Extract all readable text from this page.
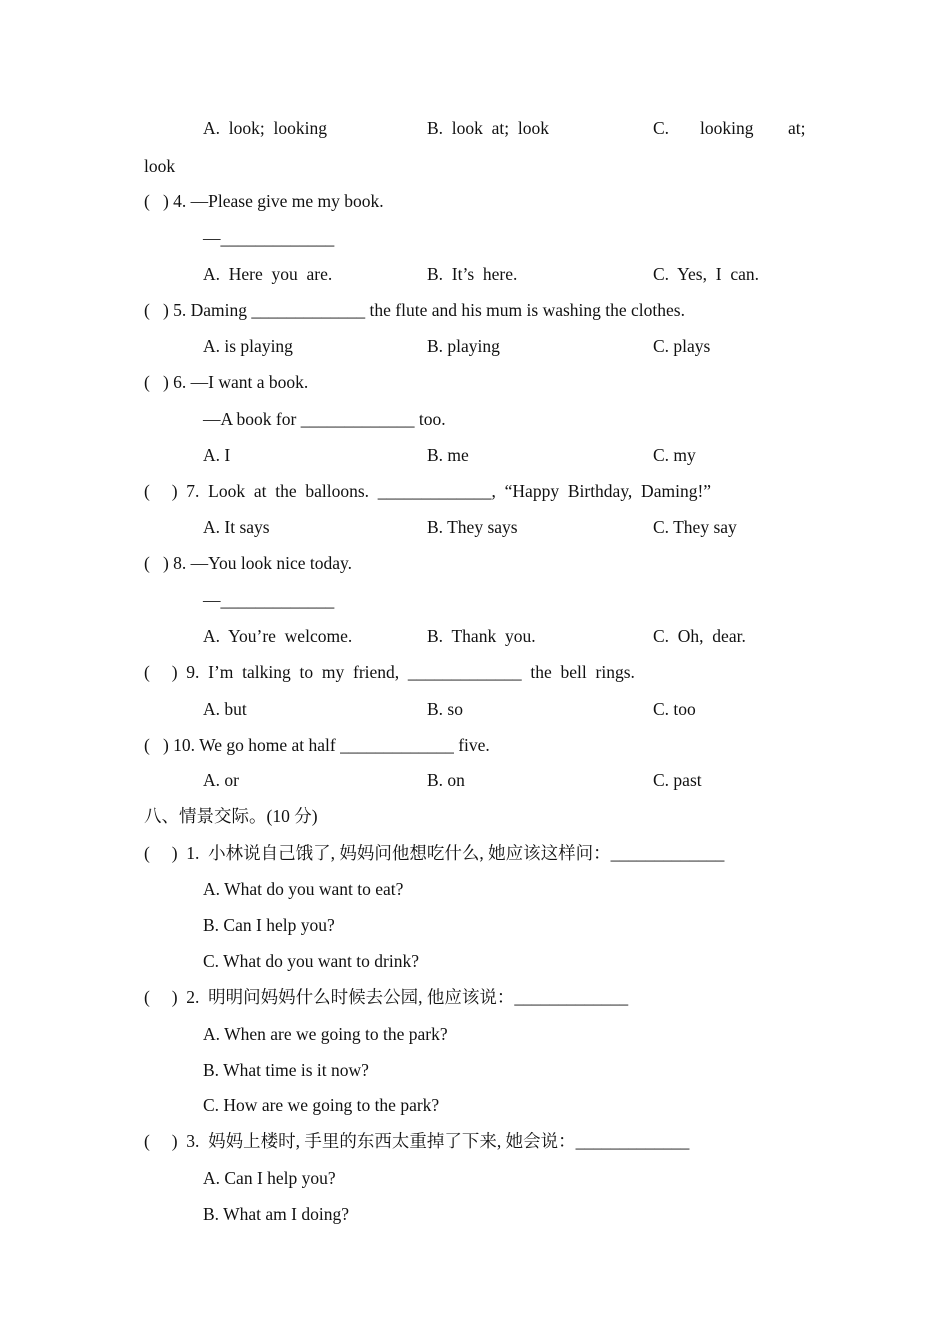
A.  look;  looking	B.  look  at;  look	C. looking at;
look
(   ) 4. —Please give me my book.
—_____________
A.  Here  you  are.	B.  It’s  here.	C.  Yes,  I  can.
(   ) 5. Daming _____________ the flute and his mum is washing the clothes.
A. is playing	B. playing	C. plays
(   ) 6. —I want a book.
—A book for _____________ too.
A. I	B. me	C. my
(     )  7.  Look  at  the  balloons.  _____________,  “Happy  Birthday,  Daming!”
A. It says	B. They says	C. They say
(   ) 8. —You look nice today.
—_____________
A.  You’re  welcome.	B.  Thank  you.	C.  Oh,  dear.
(     )  9.  I’m  talking  to  my  friend,  _____________  the  bell  rings.
A. but	B. so	C. too
(   ) 10. We go home at half _____________ five.
A. or	B. on	C. past
八、情景交际。(10 分)
(     )  1.  小林说自己饿了, 妈妈问他想吃什么, 她应该这样问：_____________
A. What do you want to eat?
B. Can I help you?
C. What do you want to drink?
(     )  2.  明明问妈妈什么时候去公园, 他应该说：_____________
A. When are we going to the park?
B. What time is it now?
C. How are we going to the park?
(     )  3.  妈妈上楼时, 手里的东西太重掉了下来, 她会说：_____________
A. Can I help you?
B. What am I doing?
